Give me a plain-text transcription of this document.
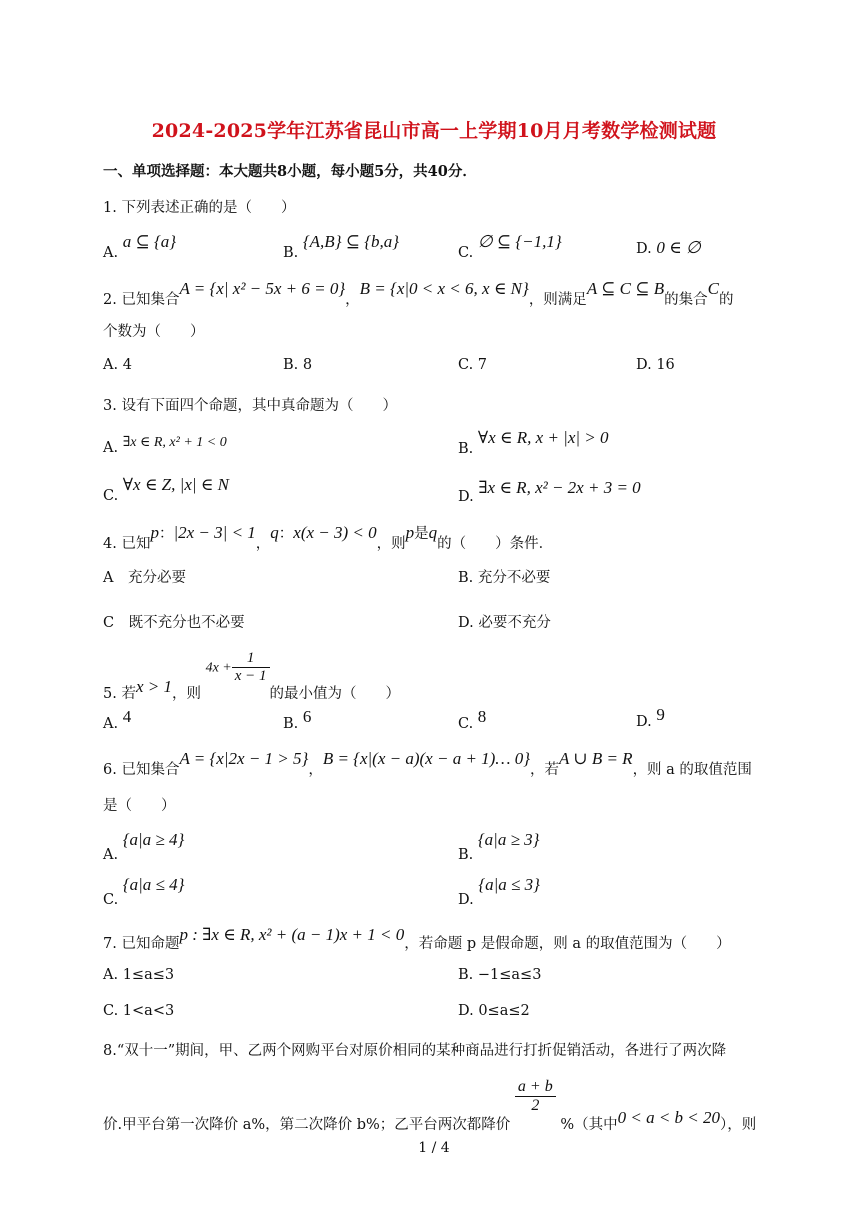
2024-2025学年江苏省昆山市高一上学期10月月考数学检测试题
一、单项选择题：本大题共8小题，每小题5分，共40分．
1. 下列表述正确的是（　　）
A. a ⊆ {a}
B. {A,B} ⊆ {b,a}
C. ∅ ⊆ {−1,1}	D. 0 ∈ ∅
2. 已知集合A = {x| x² − 5x + 6 = 0}，B = {x|0 < x < 6, x ∈ N}，则满足A ⊆ C ⊆ B的集合C的
个数为（　　）
A. 4	B. 8	C. 7	D. 16
3. 设有下面四个命题，其中真命题为（　　）
A. ∃x ∈ R, x² + 1 < 0	B. ∀x ∈ R, x + |x| > 0
C. ∀x ∈ Z, |x| ∈ N
D. ∃x ∈ R, x² − 2x + 3 = 0
4. 已知p：|2x − 3| < 1，q：x(x − 3) < 0，则p是q的（　　）条件．
A　充分必要	B. 充分不必要
C　既不充分也不必要	D. 必要不充分
5. 若x > 1，则 $4x + \frac{1}{x - 1}$
的最小值为（　　）
A. 4	B. 6	C. 8	D. 9
6. 已知集合A = {x|2x − 1 > 5}，B = {x|(x − a)(x − a + 1)… 0}，若A ∪ B = R，则 a 的取值范围
是（　　）
A. {a|a ≥ 4}
B. {a|a ≥ 3}
C. {a|a ≤ 4}
D. {a|a ≤ 3}
7. 已知命题p : ∃x ∈ R, x² + (a − 1)x + 1 < 0，若命题 p 是假命题，则 a 的取值范围为（　　）
A. 1≤a≤3	B. −1≤a≤3
C. 1<a<3	D. 0≤a≤2
8.“双十一”期间，甲、乙两个网购平台对原价相同的某种商品进行打折促销活动，各进行了两次降
价.甲平台第一次降价 a%，第二次降价 b%；乙平台两次都降价
$\frac{a + b}{2}$
%（其中0 < a < b < 20），则
1 / 4
